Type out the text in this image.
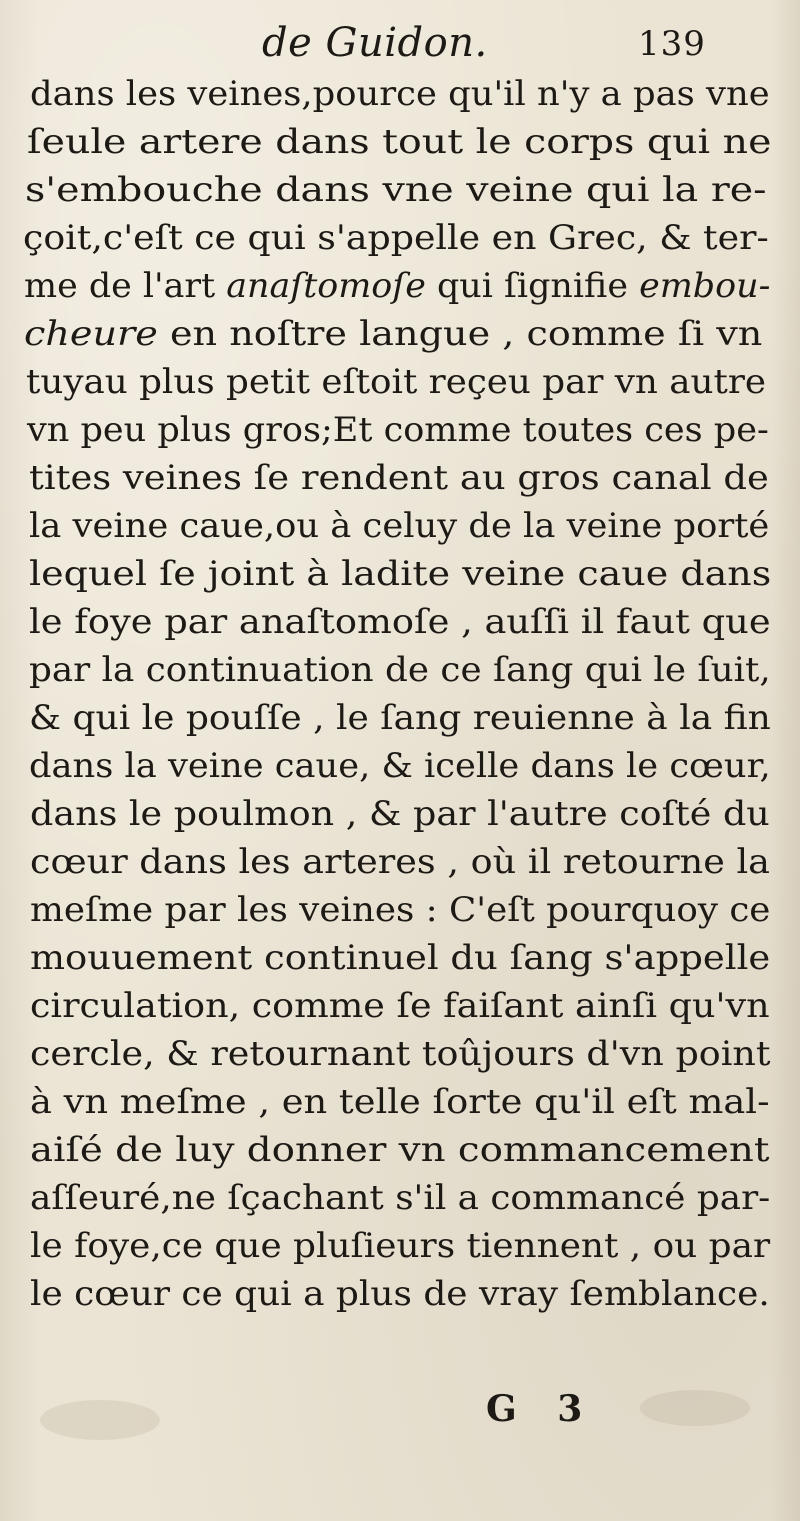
de Guidon.	139
dans les veines,pource qu'il n'y a pas vne
ſeule artere dans tout le corps qui ne
s'embouche dans vne veine qui la re-
çoit,c'eſt ce qui s'appelle en Grec, & ter-
me de l'art anaſtomoſe qui ſignifie embou-
cheure en noſtre langue , comme ſi vn
tuyau plus petit eſtoit reçeu par vn autre
vn peu plus gros;Et comme toutes ces pe-
tites veines ſe rendent au gros canal de
la veine caue,ou à celuy de la veine porté
lequel ſe joint à ladite veine caue dans
le foye par anaſtomoſe , auſſi il faut que
par la continuation de ce ſang qui le ſuit,
& qui le pouſſe , le ſang reuienne à la fin
dans la veine caue, & icelle dans le cœur,
dans le poulmon , & par l'autre coſté du
cœur dans les arteres , où il retourne la
meſme par les veines : C'eſt pourquoy ce
mouuement continuel du ſang s'appelle
circulation, comme ſe faiſant ainſi qu'vn
cercle, & retournant toûjours d'vn point
à vn meſme , en telle ſorte qu'il eſt mal-
aiſé de luy donner vn commancement
aſſeuré,ne ſçachant s'il a commancé par-
le foye,ce que pluſieurs tiennent , ou par
le cœur ce qui a plus de vray ſemblance.
G 3
